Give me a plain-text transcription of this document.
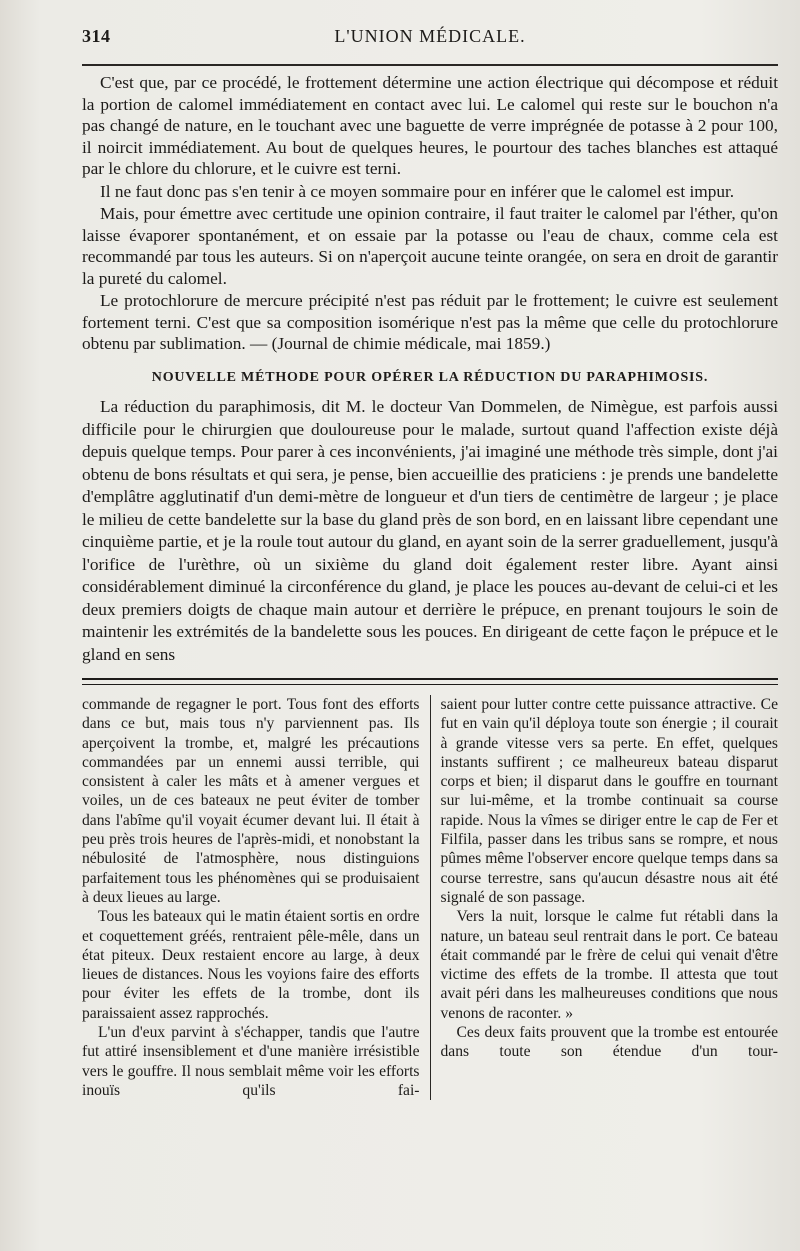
314	L'UNION MÉDICALE.

C'est que, par ce procédé, le frottement détermine une action électrique qui décompose et réduit la portion de calomel immédiatement en contact avec lui. Le calomel qui reste sur le bouchon n'a pas changé de nature, en le touchant avec une baguette de verre imprégnée de potasse à 2 pour 100, il noircit immédiatement. Au bout de quelques heures, le pourtour des taches blanches est attaqué par le chlore du chlorure, et le cuivre est terni.

Il ne faut donc pas s'en tenir à ce moyen sommaire pour en inférer que le calomel est impur.

Mais, pour émettre avec certitude une opinion contraire, il faut traiter le calomel par l'éther, qu'on laisse évaporer spontanément, et on essaie par la potasse ou l'eau de chaux, comme cela est recommandé par tous les auteurs. Si on n'aperçoit aucune teinte orangée, on sera en droit de garantir la pureté du calomel.

Le protochlorure de mercure précipité n'est pas réduit par le frottement; le cuivre est seulement fortement terni. C'est que sa composition isomérique n'est pas la même que celle du protochlorure obtenu par sublimation. — (Journal de chimie médicale, mai 1859.)

NOUVELLE MÉTHODE POUR OPÉRER LA RÉDUCTION DU PARAPHIMOSIS.

La réduction du paraphimosis, dit M. le docteur Van Dommelen, de Nimègue, est parfois aussi difficile pour le chirurgien que douloureuse pour le malade, surtout quand l'affection existe déjà depuis quelque temps. Pour parer à ces inconvénients, j'ai imaginé une méthode très simple, dont j'ai obtenu de bons résultats et qui sera, je pense, bien accueillie des praticiens : je prends une bandelette d'emplâtre agglutinatif d'un demi-mètre de longueur et d'un tiers de centimètre de largeur ; je place le milieu de cette bandelette sur la base du gland près de son bord, en en laissant libre cependant une cinquième partie, et je la roule tout autour du gland, en ayant soin de la serrer graduellement, jusqu'à l'orifice de l'urèthre, où un sixième du gland doit également rester libre. Ayant ainsi considérablement diminué la circonférence du gland, je place les pouces au-devant de celui-ci et les deux premiers doigts de chaque main autour et derrière le prépuce, en prenant toujours le soin de maintenir les extrémités de la bandelette sous les pouces. En dirigeant de cette façon le prépuce et le gland en sens

commande de regagner le port. Tous font des efforts dans ce but, mais tous n'y parviennent pas. Ils aperçoivent la trombe, et, malgré les précautions commandées par un ennemi aussi terrible, qui consistent à caler les mâts et à amener vergues et voiles, un de ces bateaux ne peut éviter de tomber dans l'abîme qu'il voyait écumer devant lui. Il était à peu près trois heures de l'après-midi, et nonobstant la nébulosité de l'atmosphère, nous distinguions parfaitement tous les phénomènes qui se produisaient à deux lieues au large.

Tous les bateaux qui le matin étaient sortis en ordre et coquettement gréés, rentraient pêle-mêle, dans un état piteux. Deux restaient encore au large, à deux lieues de distances. Nous les voyions faire des efforts pour éviter les effets de la trombe, dont ils paraissaient assez rapprochés.

L'un d'eux parvint à s'échapper, tandis que l'autre fut attiré insensiblement et d'une manière irrésistible vers le gouffre. Il nous semblait même voir les efforts inouïs qu'ils fai-

saient pour lutter contre cette puissance attractive. Ce fut en vain qu'il déploya toute son énergie ; il courait à grande vitesse vers sa perte. En effet, quelques instants suffirent ; ce malheureux bateau disparut corps et bien; il disparut dans le gouffre en tournant sur lui-même, et la trombe continuait sa course rapide. Nous la vîmes se diriger entre le cap de Fer et Filfila, passer dans les tribus sans se rompre, et nous pûmes même l'observer encore quelque temps dans sa course terrestre, sans qu'aucun désastre nous ait été signalé de son passage.

Vers la nuit, lorsque le calme fut rétabli dans la nature, un bateau seul rentrait dans le port. Ce bateau était commandé par le frère de celui qui venait d'être victime des effets de la trombe. Il attesta que tout avait péri dans les malheureuses conditions que nous venons de raconter. »

Ces deux faits prouvent que la trombe est entourée dans toute son étendue d'un tour-
